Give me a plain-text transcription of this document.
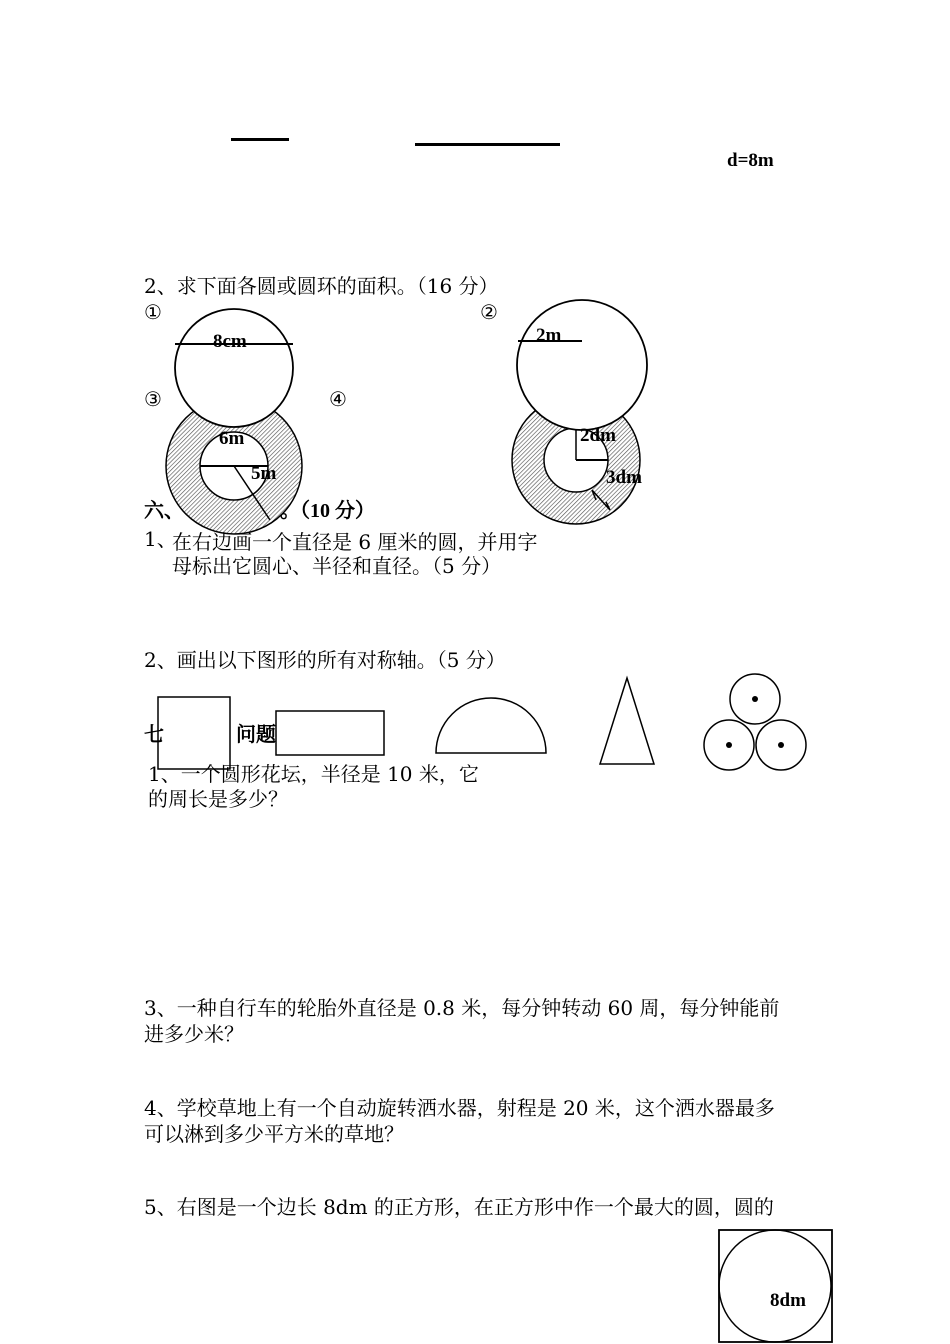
d=8m
2、求下面各圆或圆环的面积。（16 分）
①	②
③	④
8cm	2m
6m
5m
2dm
3dm
六、	。（10 分）
1、
在右边画一个直径是 6 厘米的圆，并用字
母标出它圆心、半径和直径。（5 分）
2、画出以下图形的所有对称轴。（5 分）
七	问题
1、一个圆形花坛，半径是 10 米，它
的周长是多少？
3、一种自行车的轮胎外直径是 0.8 米，每分钟转动 60 周，每分钟能前
进多少米？
4、学校草地上有一个自动旋转洒水器，射程是 20 米，这个洒水器最多
可以淋到多少平方米的草地？
5、右图是一个边长 8dm 的正方形，在正方形中作一个最大的圆，圆的
8dm
